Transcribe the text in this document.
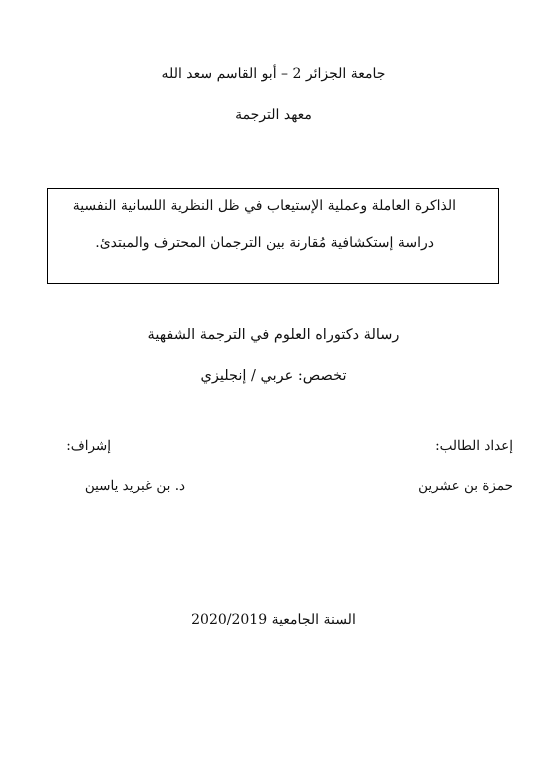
جامعة الجزائر 2 – أبو القاسم سعد الله
معهد الترجمة
الذاكرة العاملة وعملية الإستيعاب في ظل النظرية اللسانية النفسية
دراسة إستكشافية مُقارنة بين الترجمان المحترف والمبتدئ.
رسالة دكتوراه العلوم في الترجمة الشفهية
تخصص: عربي / إنجليزي
إعداد الطالب:
إشراف:
حمزة بن عشرين
د. بن غبريد ياسين
السنة الجامعية 2020/2019
